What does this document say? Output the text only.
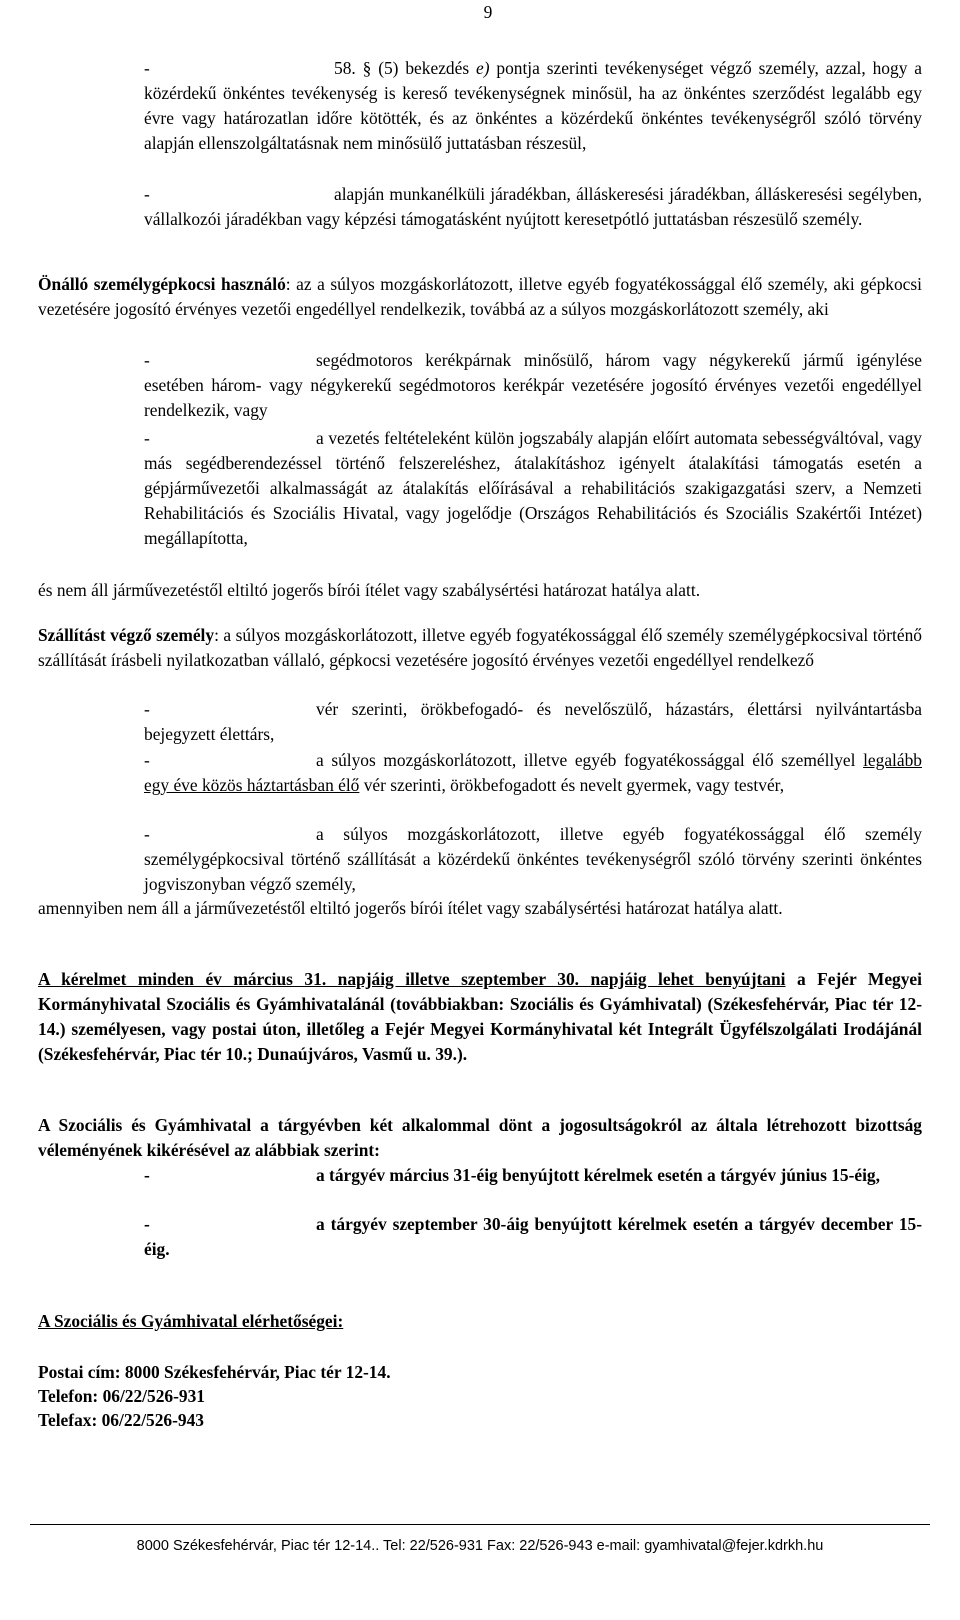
9

-	58. § (5) bekezdés e) pontja szerinti tevékenységet végző személy, azzal, hogy a közérdekű önkéntes tevékenység is kereső tevékenységnek minősül, ha az önkéntes szerződést legalább egy évre vagy határozatlan időre kötötték, és az önkéntes a közérdekű önkéntes tevékenységről szóló törvény alapján ellenszolgáltatásnak nem minősülő juttatásban részesül,

-	alapján munkanélküli járadékban, álláskeresési járadékban, álláskeresési segélyben, vállalkozói járadékban vagy képzési támogatásként nyújtott keresetpótló juttatásban részesülő személy.

Önálló személygépkocsi használó: az a súlyos mozgáskorlátozott, illetve egyéb fogyatékossággal élő személy, aki gépkocsi vezetésére jogosító érvényes vezetői engedéllyel rendelkezik, továbbá az a súlyos mozgáskorlátozott személy, aki

-	segédmotoros kerékpárnak minősülő, három vagy négykerekű jármű igénylése esetében három- vagy négykerekű segédmotoros kerékpár vezetésére jogosító érvényes vezetői engedéllyel rendelkezik, vagy

-	a vezetés feltételeként külön jogszabály alapján előírt automata sebességváltóval, vagy más segédberendezéssel történő felszereléshez, átalakításhoz igényelt átalakítási támogatás esetén a gépjárművezetői alkalmasságát az átalakítás előírásával a rehabilitációs szakigazgatási szerv, a Nemzeti Rehabilitációs és Szociális Hivatal, vagy jogelődje (Országos Rehabilitációs és Szociális Szakértői Intézet) megállapította,

és nem áll járművezetéstől eltiltó jogerős bírói ítélet vagy szabálysértési határozat hatálya alatt.

Szállítást végző személy: a súlyos mozgáskorlátozott, illetve egyéb fogyatékossággal élő személy személygépkocsival történő szállítását írásbeli nyilatkozatban vállaló, gépkocsi vezetésére jogosító érvényes vezetői engedéllyel rendelkező

-	vér szerinti, örökbefogadó- és nevelőszülő, házastárs, élettársi nyilvántartásba bejegyzett élettárs,

-	a súlyos mozgáskorlátozott, illetve egyéb fogyatékossággal élő személlyel legalább egy éve közös háztartásban élő vér szerinti, örökbefogadott és nevelt gyermek, vagy testvér,

-	a súlyos mozgáskorlátozott, illetve egyéb fogyatékossággal élő személy személygépkocsival történő szállítását a közérdekű önkéntes tevékenységről szóló törvény szerinti önkéntes jogviszonyban végző személy,

amennyiben nem áll a járművezetéstől eltiltó jogerős bírói ítélet vagy szabálysértési határozat hatálya alatt.

A kérelmet minden év március 31. napjáig illetve szeptember 30. napjáig lehet benyújtani a Fejér Megyei Kormányhivatal Szociális és Gyámhivatalánál (továbbiakban: Szociális és Gyámhivatal) (Székesfehérvár, Piac tér 12-14.) személyesen, vagy postai úton, illetőleg a Fejér Megyei Kormányhivatal két Integrált Ügyfélszolgálati Irodájánál (Székesfehérvár, Piac tér 10.; Dunaújváros, Vasmű u. 39.).

A Szociális és Gyámhivatal a tárgyévben két alkalommal dönt a jogosultságokról az általa létrehozott bizottság véleményének kikérésével az alábbiak szerint:

-	a tárgyév március 31-éig benyújtott kérelmek esetén a tárgyév június 15-éig,

-	a tárgyév szeptember 30-áig benyújtott kérelmek esetén a tárgyév december 15-éig.

A Szociális és Gyámhivatal elérhetőségei:

Postai cím: 8000 Székesfehérvár, Piac tér 12-14.

Telefon: 06/22/526-931

Telefax: 06/22/526-943

8000 Székesfehérvár, Piac tér 12-14.. Tel: 22/526-931 Fax: 22/526-943 e-mail: gyamhivatal@fejer.kdrkh.hu
